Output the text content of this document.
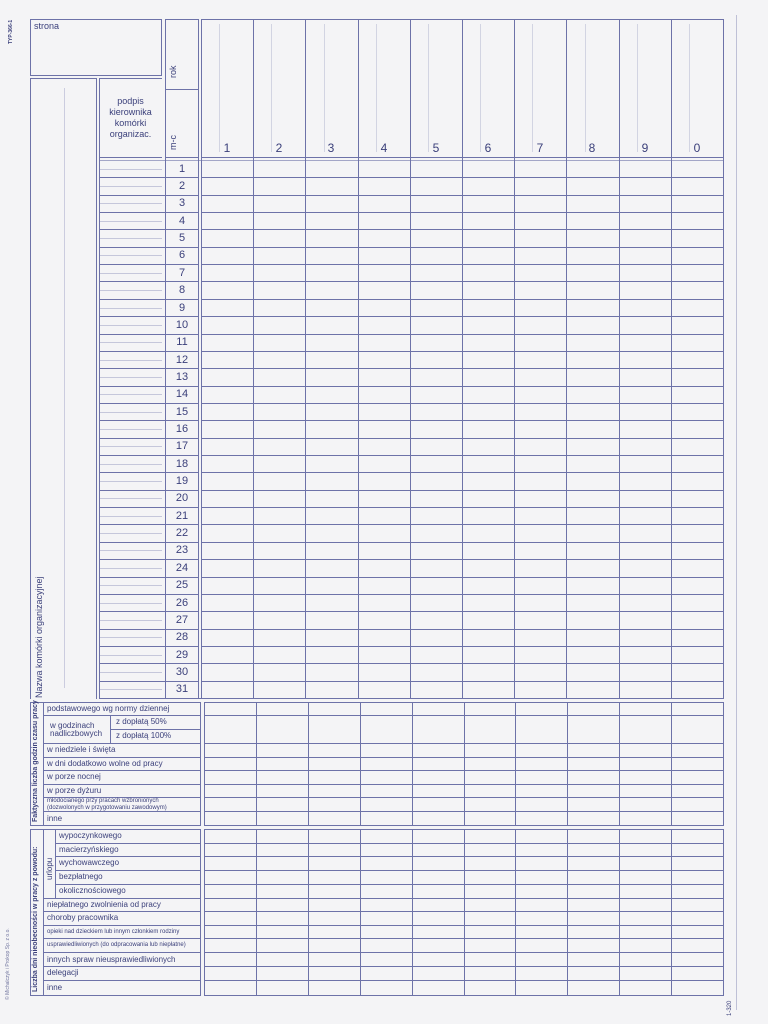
TYP-366-1 strona
rok
m-c
podpis
kierownika
komórki
organizac.
Nazwa komórki organizacyjnej
1	2	3	4	5	6	7	8	9	0
1
2
3
4
5
6
7
8
9
10
11
12
13
14
15
16
17
18
19
20
21
22
23
24
25
26
27
28
29
30
31
Faktyczna liczba godzin czasu pracy podstawowego wg normy dziennej
w godzinach
nadliczbowych
z dopłatą 50%
z dopłatą 100%
w niedziele i święta
w dni dodatkowo wolne od pracy
w porze nocnej
w porze dyżuru
młodocianego przy pracach wzbronionych
(dozwolonych w przygotowaniu zawodowym)
inne
Liczba dni nieobecności w pracy z powodu: urlopu
wypoczynkowego
macierzyńskiego
wychowawczego
bezpłatnego
okolicznościowego
niepłatnego zwolnienia od pracy
choroby pracownika
opieki nad dzieckiem lub innym członkiem rodziny
usprawiedliwionych (do odpracowania lub niepłatne)
innych spraw nieusprawiedliwionych
delegacji
inne
© Michalczyk i Prokop Sp. z o.o.
1-320
